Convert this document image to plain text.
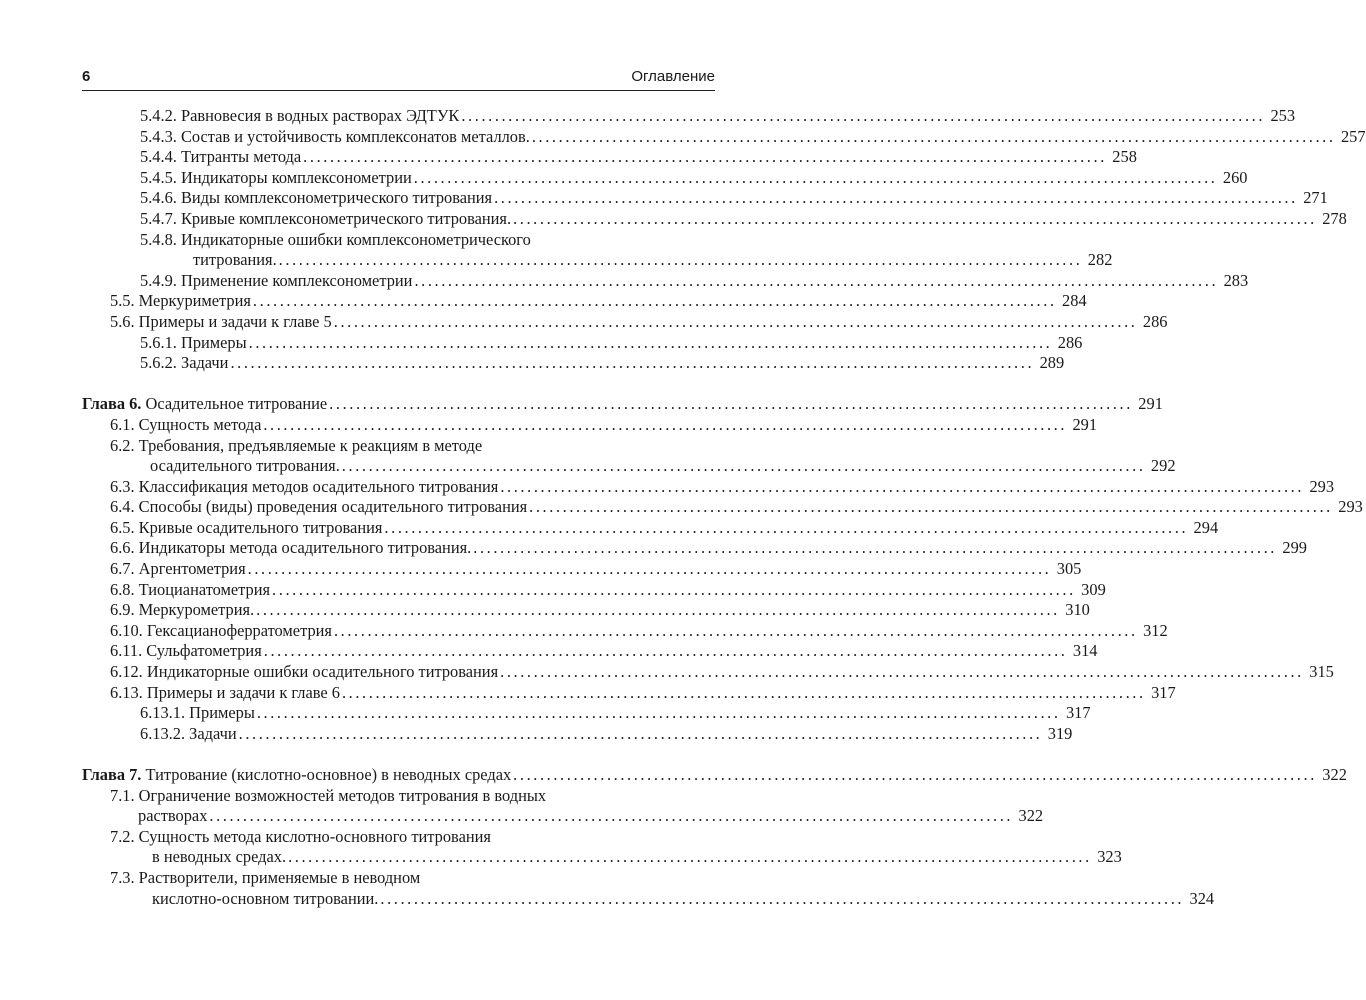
6	Оглавление
5.4.2. Равновесия в водных растворах ЭДТУК ........................................................................................................................ 253
5.4.3. Состав и устойчивость комплексонатов металлов. ........................................................................................................................ 257
5.4.4. Титранты метода ........................................................................................................................ 258
5.4.5. Индикаторы комплексонометрии ........................................................................................................................ 260
5.4.6. Виды комплексонометрического титрования ........................................................................................................................ 271
5.4.7. Кривые комплексонометрического титрования. ........................................................................................................................ 278
5.4.8. Индикаторные ошибки комплексонометрического
титрования. ........................................................................................................................ 282
5.4.9. Применение комплексонометрии ........................................................................................................................ 283
5.5. Меркуриметрия ........................................................................................................................ 284
5.6. Примеры и задачи к главе 5 ........................................................................................................................ 286
5.6.1. Примеры ........................................................................................................................ 286
5.6.2. Задачи ........................................................................................................................ 289
Глава 6. Осадительное титрование ........................................................................................................................ 291
6.1. Сущность метода ........................................................................................................................ 291
6.2. Требования, предъявляемые к реакциям в методе
осадительного титрования. ........................................................................................................................ 292
6.3. Классификация методов осадительного титрования ........................................................................................................................ 293
6.4. Способы (виды) проведения осадительного титрования ........................................................................................................................ 293
6.5. Кривые осадительного титрования ........................................................................................................................ 294
6.6. Индикаторы метода осадительного титрования. ........................................................................................................................ 299
6.7. Аргентометрия ........................................................................................................................ 305
6.8. Тиоцианатометрия ........................................................................................................................ 309
6.9. Меркурометрия. ........................................................................................................................ 310
6.10. Гексацианоферратометрия ........................................................................................................................ 312
6.11. Сульфатометрия ........................................................................................................................ 314
6.12. Индикаторные ошибки осадительного титрования ........................................................................................................................ 315
6.13. Примеры и задачи к главе 6 ........................................................................................................................ 317
6.13.1. Примеры ........................................................................................................................ 317
6.13.2. Задачи ........................................................................................................................ 319
Глава 7. Титрование (кислотно-основное) в неводных средах ........................................................................................................................ 322
7.1. Ограничение возможностей методов титрования в водных
растворах ........................................................................................................................ 322
7.2. Сущность метода кислотно-основного титрования
в неводных средах. ........................................................................................................................ 323
7.3. Растворители, применяемые в неводном
кислотно-основном титровании. ........................................................................................................................ 324
